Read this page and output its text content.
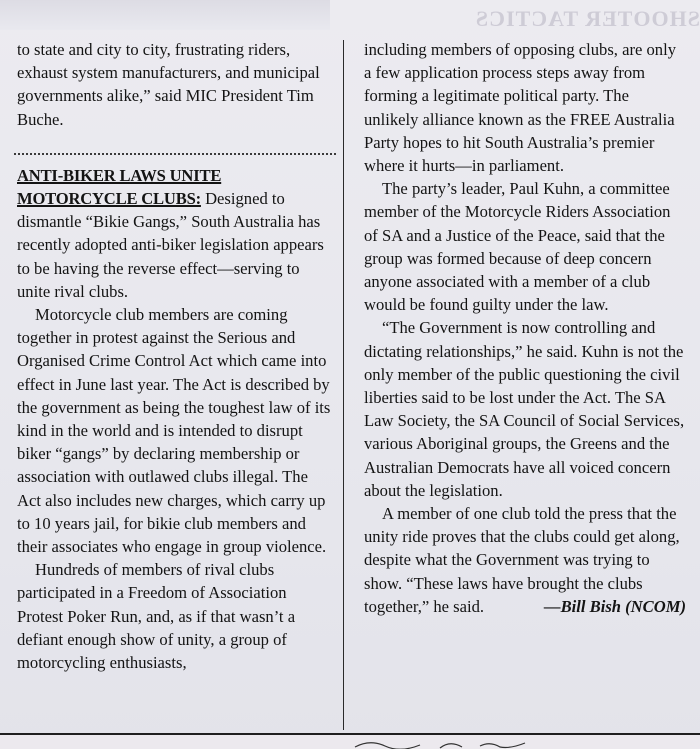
SHOOTER TACTICS

to state and city to city, frustrating riders, exhaust system manufacturers, and municipal governments alike,” said MIC President Tim Buche.

ANTI-BIKER LAWS UNITE MOTORCYCLE CLUBS: Designed to dismantle “Bikie Gangs,” South Australia has recently adopted anti-biker legislation appears to be having the reverse effect—serving to unite rival clubs.

Motorcycle club members are coming together in protest against the Serious and Organised Crime Control Act which came into effect in June last year. The Act is described by the government as being the toughest law of its kind in the world and is intended to disrupt biker “gangs” by declaring membership or association with outlawed clubs illegal. The Act also includes new charges, which carry up to 10 years jail, for bikie club members and their associates who engage in group violence.

Hundreds of members of rival clubs participated in a Freedom of Association Protest Poker Run, and, as if that wasn’t a defiant enough show of unity, a group of motorcycling enthusiasts,

including members of opposing clubs, are only a few application process steps away from forming a legitimate political party. The unlikely alliance known as the FREE Australia Party hopes to hit South Australia’s premier where it hurts—in parliament.

The party’s leader, Paul Kuhn, a committee member of the Motorcycle Riders Association of SA and a Justice of the Peace, said that the group was formed because of deep concern anyone associated with a member of a club would be found guilty under the law.

“The Government is now controlling and dictating relationships,” he said. Kuhn is not the only member of the public questioning the civil liberties said to be lost under the Act. The SA Law Society, the SA Council of Social Services, various Aboriginal groups, the Greens and the Australian Democrats have all voiced concern about the legislation.

A member of one club told the press that the unity ride proves that the clubs could get along, despite what the Government was trying to show. “These laws have brought the clubs together,” he said.	—Bill Bish (NCOM)
